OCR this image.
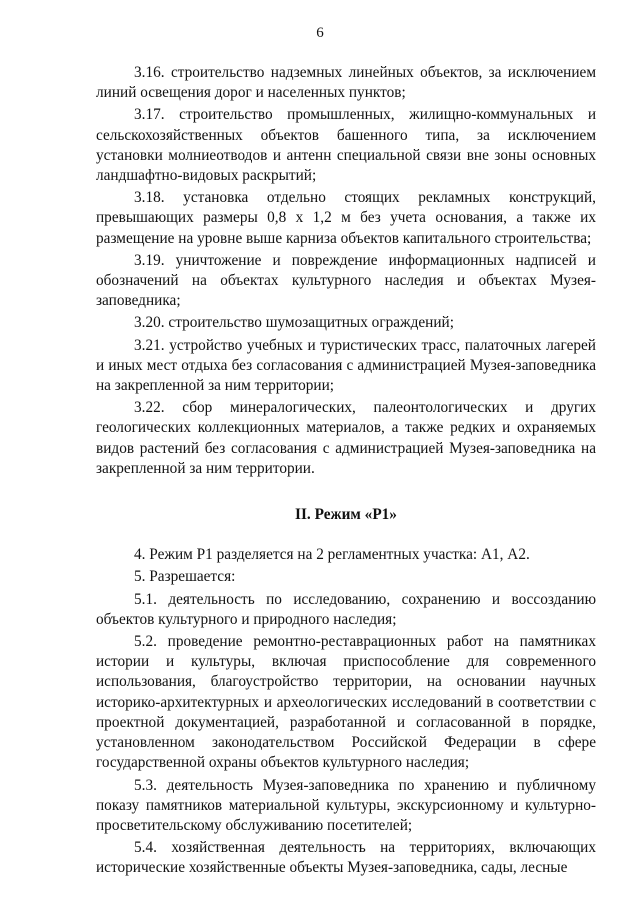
6

3.16. строительство надземных линейных объектов, за исключением линий освещения дорог и населенных пунктов;

3.17. строительство промышленных, жилищно-коммунальных и сельскохозяйственных объектов башенного типа, за исключением установки молниеотводов и антенн специальной связи вне зоны основных ландшафтно-видовых раскрытий;

3.18. установка отдельно стоящих рекламных конструкций, превышающих размеры 0,8 х 1,2 м без учета основания, а также их размещение на уровне выше карниза объектов капитального строительства;

3.19. уничтожение и повреждение информационных надписей и обозначений на объектах культурного наследия и объектах Музея-заповедника;

3.20. строительство шумозащитных ограждений;

3.21. устройство учебных и туристических трасс, палаточных лагерей и иных мест отдыха без согласования с администрацией Музея-заповедника на закрепленной за ним территории;

3.22. сбор минералогических, палеонтологических и других геологических коллекционных материалов, а также редких и охраняемых видов растений без согласования с администрацией Музея-заповедника на закрепленной за ним территории.

II. Режим «Р1»

4. Режим Р1 разделяется на 2 регламентных участка: А1, А2.

5. Разрешается:

5.1. деятельность по исследованию, сохранению и воссозданию объектов культурного и природного наследия;

5.2. проведение ремонтно-реставрационных работ на памятниках истории и культуры, включая приспособление для современного использования, благоустройство территории, на основании научных историко-архитектурных и археологических исследований в соответствии с проектной документацией, разработанной и согласованной в порядке, установленном законодательством Российской Федерации в сфере государственной охраны объектов культурного наследия;

5.3. деятельность Музея-заповедника по хранению и публичному показу памятников материальной культуры, экскурсионному и культурно-просветительскому обслуживанию посетителей;

5.4. хозяйственная деятельность на территориях, включающих исторические хозяйственные объекты Музея-заповедника, сады, лесные
